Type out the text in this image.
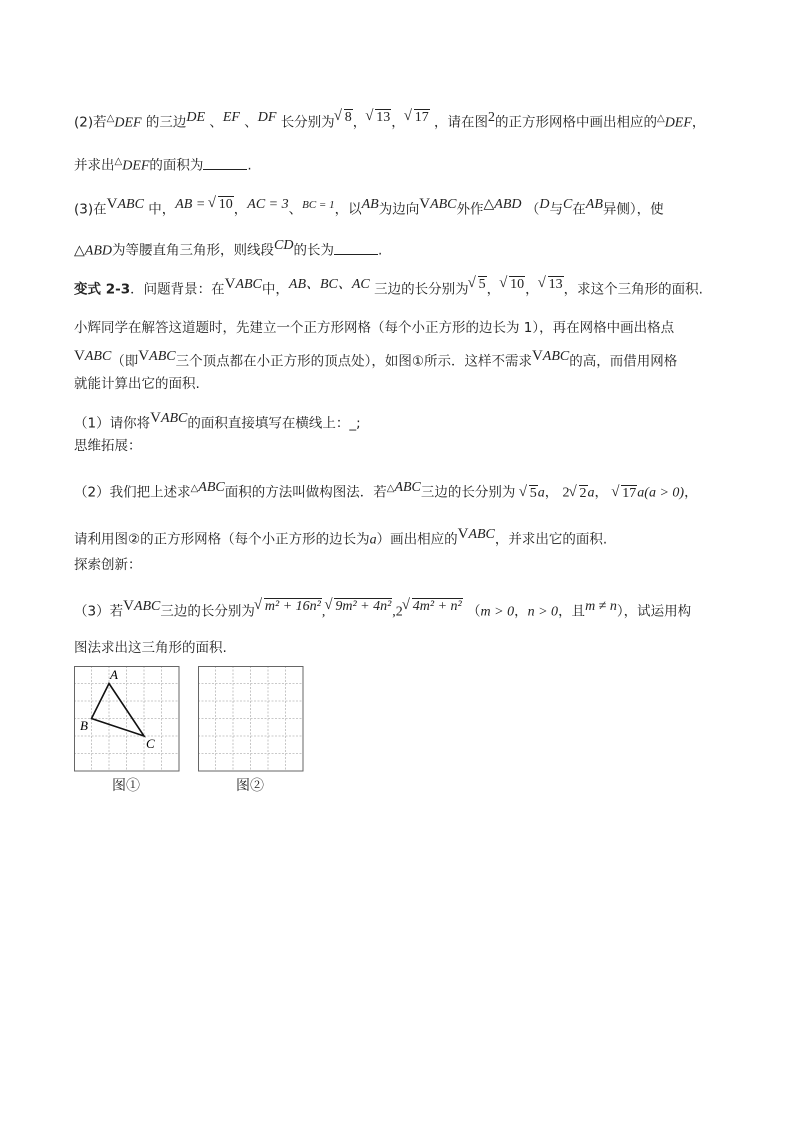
(2)若△DEF 的三边$^{DE}$ 、$^{EF}$ 、$^{DF}$ 长分别为 √ $^8$， √ $^{13}$， √ $^{17}$ ，请在图$^2$的正方形网格中画出相应的△DEF，
并求出△DEF的面积为	.
(3)在$^{VABC}$ 中，$^{AB =}$ √ $^{10}$，$^{AC = 3}$、$^{BC = 1}$，以$^{AB}$为边向$^{VABC}$外作$^{\triangle ABD}$ （$^D$与$^C$在$^{AB}$异侧），使
△ABD为等腰直角三角形，则线段$^{CD}$的长为	.
变式 2-3．问题背景：在$^{VABC}$中，$^{AB、BC、AC}$ 三边的长分别为 √ $^5$， √ $^{10}$， √ $^{13}$，求这个三角形的面积.
小辉同学在解答这道题时，先建立一个正方形网格（每个小正方形的边长为 1），再在网格中画出格点
$^{VABC}$（即$^{VABC}$三个顶点都在小正方形的顶点处），如图①所示．这样不需求$^{VABC}$的高，而借用网格
就能计算出它的面积.
（1）请你将$^{VABC}$的面积直接填写在横线上：_;
思维拓展：
（2）我们把上述求$^{\triangle ABC}$面积的方法叫做构图法．若$^{\triangle ABC}$三边的长分别为 √ 5a， 2 √ 2a， √ 17a(a > 0)，
请利用图②的正方形网格（每个小正方形的边长为a）画出相应的$^{VABC}$，并求出它的面积.
探索创新：
（3）若$^{VABC}$三边的长分别为 √ $^{m^2 + 16n^2}$, √ $^{9m^2 + 4n^2}$,2 √ $^{4m^2 + n^2}$ （m > 0，n > 0，且$^{m \ne n}$），试运用构
图法求出这三角形的面积.
A
B
C
图①	图②
